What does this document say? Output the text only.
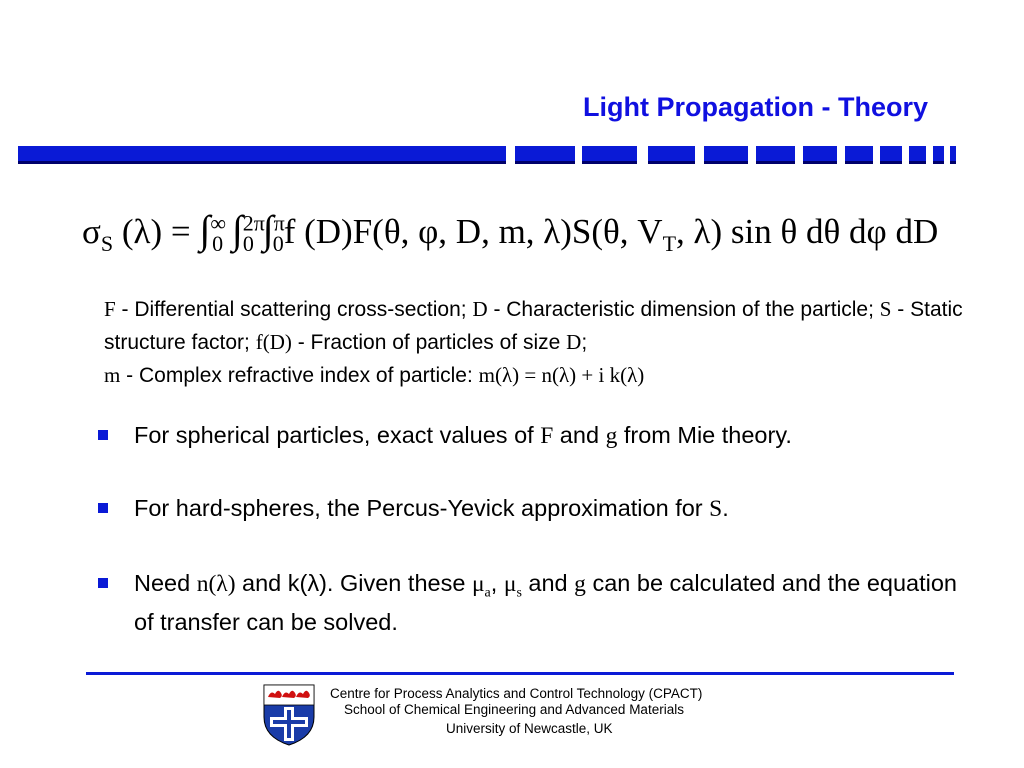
Light Propagation - Theory
$\sigma_S$ $(\lambda) = \int^\infty_0$ ∫$^{2\pi}_0$ ∫$^\pi_0$f (D)F(θ, φ, D, m, λ)S(θ, $V_T$, λ) sin θ dθ dφ dD
F - Differential scattering cross-section; D - Characteristic dimension of the particle; S - Static structure factor; f(D) - Fraction of particles of size D;
m - Complex refractive index of particle: m(λ) = n(λ) + i k(λ)
For spherical particles, exact values of F and g from Mie theory.
For hard-spheres, the Percus-Yevick approximation for S.
Need n(λ) and k(λ). Given these $\mu_a$, $\mu_s$ and g can be calculated and the equation of transfer can be solved.
Centre for Process Analytics and Control Technology (CPACT)
School of Chemical Engineering and Advanced Materials
University of Newcastle, UK
